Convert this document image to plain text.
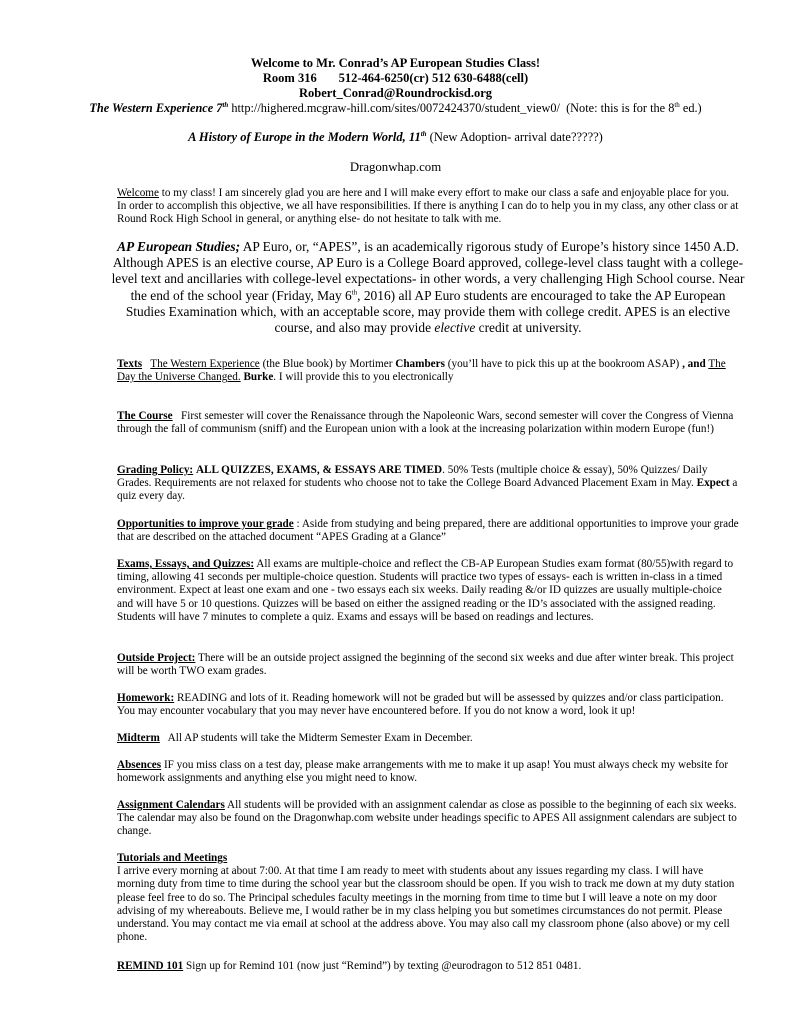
Welcome to Mr. Conrad’s AP European Studies Class!
Room 316 512-464-6250(cr) 512 630-6488(cell)
Robert_Conrad@Roundrockisd.org
The Western Experience 7th http://highered.mcgraw-hill.com/sites/0072424370/student_view0/ (Note: this is for the 8th ed.)
A History of Europe in the Modern World, 11th (New Adoption- arrival date?????)
Dragonwhap.com
Welcome to my class! I am sincerely glad you are here and I will make every effort to make our class a safe and enjoyable place for you. In order to accomplish this objective, we all have responsibilities. If there is anything I can do to help you in my class, any other class or at Round Rock High School in general, or anything else- do not hesitate to talk with me.
AP European Studies; AP Euro, or, “APES”, is an academically rigorous study of Europe’s history since 1450 A.D. Although APES is an elective course, AP Euro is a College Board approved, college-level class taught with a college-level text and ancillaries with college-level expectations- in other words, a very challenging High School course. Near the end of the school year (Friday, May 6th, 2016) all AP Euro students are encouraged to take the AP European Studies Examination which, with an acceptable score, may provide them with college credit. APES is an elective course, and also may provide elective credit at university.
Texts The Western Experience (the Blue book) by Mortimer Chambers (you’ll have to pick this up at the bookroom ASAP) , and The Day the Universe Changed. Burke. I will provide this to you electronically
The Course First semester will cover the Renaissance through the Napoleonic Wars, second semester will cover the Congress of Vienna through the fall of communism (sniff) and the European union with a look at the increasing polarization within modern Europe (fun!)
Grading Policy: ALL QUIZZES, EXAMS, & ESSAYS ARE TIMED. 50% Tests (multiple choice & essay), 50% Quizzes/ Daily Grades. Requirements are not relaxed for students who choose not to take the College Board Advanced Placement Exam in May. Expect a quiz every day.
Opportunities to improve your grade : Aside from studying and being prepared, there are additional opportunities to improve your grade that are described on the attached document “APES Grading at a Glance”
Exams, Essays, and Quizzes: All exams are multiple-choice and reflect the CB-AP European Studies exam format (80/55)with regard to timing, allowing 41 seconds per multiple-choice question. Students will practice two types of essays- each is written in-class in a timed environment. Expect at least one exam and one - two essays each six weeks. Daily reading &/or ID quizzes are usually multiple-choice and will have 5 or 10 questions. Quizzes will be based on either the assigned reading or the ID’s associated with the assigned reading. Students will have 7 minutes to complete a quiz. Exams and essays will be based on readings and lectures.
Outside Project: There will be an outside project assigned the beginning of the second six weeks and due after winter break. This project will be worth TWO exam grades.
Homework: READING and lots of it. Reading homework will not be graded but will be assessed by quizzes and/or class participation. You may encounter vocabulary that you may never have encountered before. If you do not know a word, look it up!
Midterm All AP students will take the Midterm Semester Exam in December.
Absences IF you miss class on a test day, please make arrangements with me to make it up asap! You must always check my website for homework assignments and anything else you might need to know.
Assignment Calendars All students will be provided with an assignment calendar as close as possible to the beginning of each six weeks. The calendar may also be found on the Dragonwhap.com website under headings specific to APES All assignment calendars are subject to change.
Tutorials and Meetings
I arrive every morning at about 7:00. At that time I am ready to meet with students about any issues regarding my class. I will have morning duty from time to time during the school year but the classroom should be open. If you wish to track me down at my duty station please feel free to do so. The Principal schedules faculty meetings in the morning from time to time but I will leave a note on my door advising of my whereabouts. Believe me, I would rather be in my class helping you but sometimes circumstances do not permit. Please understand. You may contact me via email at school at the address above. You may also call my classroom phone (also above) or my cell phone.
REMIND 101 Sign up for Remind 101 (now just “Remind”) by texting @eurodragon to 512 851 0481.
